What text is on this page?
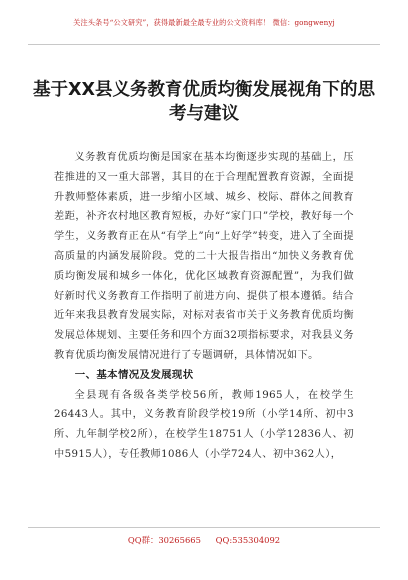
关注头条号“公文研究”，获得最新最全最专业的公文资料库！ 微信：gongwenyj
基于XX县义务教育优质均衡发展视角下的思考与建议

义务教育优质均衡是国家在基本均衡逐步实现的基础上，压茬推进的又一重大部署，其目的在于合理配置教育资源，全面提升教师整体素质，进一步缩小区域、城乡、校际、群体之间教育差距，补齐农村地区教育短板，办好“家门口”学校，教好每一个学生，义务教育正在从“有学上”向“上好学”转变，进入了全面提高质量的内涵发展阶段。党的二十大报告指出“加快义务教育优质均衡发展和城乡一体化，优化区域教育资源配置”，为我们做好新时代义务教育工作指明了前进方向、提供了根本遵循。结合近年来我县教育发展实际，对标对表省市关于义务教育优质均衡发展总体规划、主要任务和四个方面32项指标要求，对我县义务教育优质均衡发展情况进行了专题调研，具体情况如下。

一、基本情况及发展现状

全县现有各级各类学校56所，教师1965人，在校学生26443人。其中，义务教育阶段学校19所（小学14所、初中3所、九年制学校2所），在校学生18751人（小学12836人、初中5915人），专任教师1086人（小学724人、初中362人），

QQ群：30265665 QQ:535304092
